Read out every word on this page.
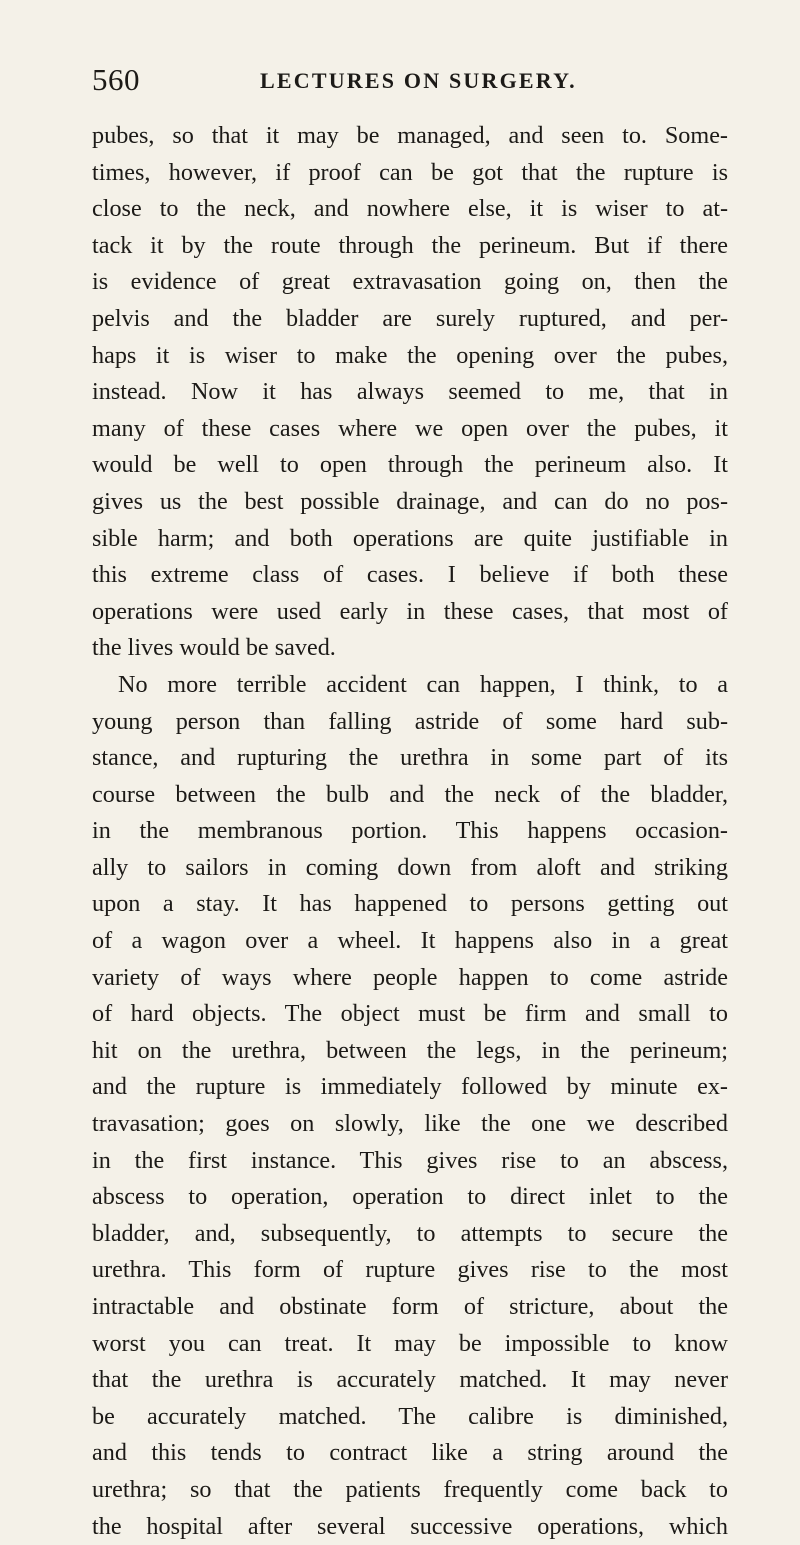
560	LECTURES ON SURGERY.
pubes, so that it may be managed, and seen to. Some-
times, however, if proof can be got that the rupture is
close to the neck, and nowhere else, it is wiser to at-
tack it by the route through the perineum. But if there
is evidence of great extravasation going on, then the
pelvis and the bladder are surely ruptured, and per-
haps it is wiser to make the opening over the pubes,
instead. Now it has always seemed to me, that in
many of these cases where we open over the pubes, it
would be well to open through the perineum also. It
gives us the best possible drainage, and can do no pos-
sible harm; and both operations are quite justifiable in
this extreme class of cases. I believe if both these
operations were used early in these cases, that most of
the lives would be saved.
No more terrible accident can happen, I think, to a
young person than falling astride of some hard sub-
stance, and rupturing the urethra in some part of its
course between the bulb and the neck of the bladder,
in the membranous portion. This happens occasion-
ally to sailors in coming down from aloft and striking
upon a stay. It has happened to persons getting out
of a wagon over a wheel. It happens also in a great
variety of ways where people happen to come astride
of hard objects. The object must be firm and small to
hit on the urethra, between the legs, in the perineum;
and the rupture is immediately followed by minute ex-
travasation; goes on slowly, like the one we described
in the first instance. This gives rise to an abscess,
abscess to operation, operation to direct inlet to the
bladder, and, subsequently, to attempts to secure the
urethra. This form of rupture gives rise to the most
intractable and obstinate form of stricture, about the
worst you can treat. It may be impossible to know
that the urethra is accurately matched. It may never
be accurately matched. The calibre is diminished,
and this tends to contract like a string around the
urethra; so that the patients frequently come back to
the hospital after several successive operations, which
